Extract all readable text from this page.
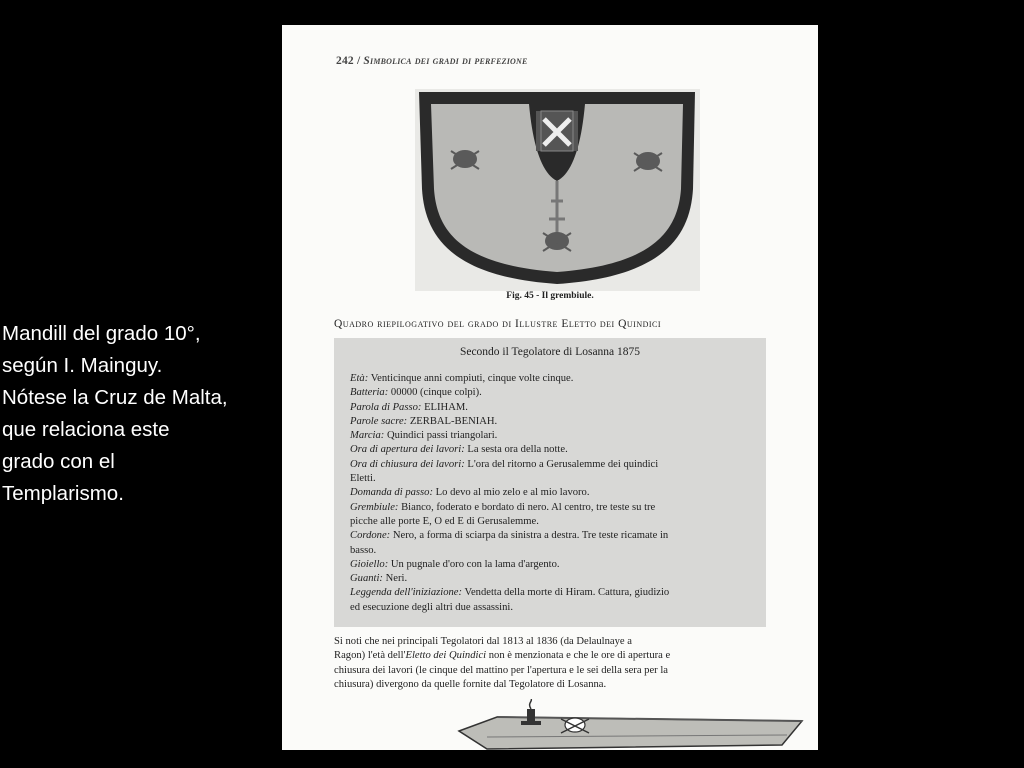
Mandill del grado 10°,
según I. Mainguy.
Nótese la Cruz de Malta,
que relaciona este
grado con el
Templarismo.
242 / Simbolica dei gradi di perfezione
Fig. 45 - Il grembiule.
Quadro riepilogativo del grado di Illustre Eletto dei Quindici
Secondo il Tegolatore di Losanna 1875
Età: Venticinque anni compiuti, cinque volte cinque.
Batteria: 00000 (cinque colpi).
Parola di Passo: ELIHAM.
Parole sacre: ZERBAL-BENIAH.
Marcia: Quindici passi triangolari.
Ora di apertura dei lavori: La sesta ora della notte.
Ora di chiusura dei lavori: L'ora del ritorno a Gerusalemme dei quindici
Eletti.
Domanda di passo: Lo devo al mio zelo e al mio lavoro.
Grembiule: Bianco, foderato e bordato di nero. Al centro, tre teste su tre
picche alle porte E, O ed E di Gerusalemme.
Cordone: Nero, a forma di sciarpa da sinistra a destra. Tre teste ricamate in
basso.
Gioiello: Un pugnale d'oro con la lama d'argento.
Guanti: Neri.
Leggenda dell'iniziazione: Vendetta della morte di Hiram. Cattura, giudizio
ed esecuzione degli altri due assassini.
Si noti che nei principali Tegolatori dal 1813 al 1836 (da Delaulnaye a
Ragon) l'età dell'Eletto dei Quindici non è menzionata e che le ore di apertura e
chiusura dei lavori (le cinque del mattino per l'apertura e le sei della sera per la
chiusura) divergono da quelle fornite dal Tegolatore di Losanna.
